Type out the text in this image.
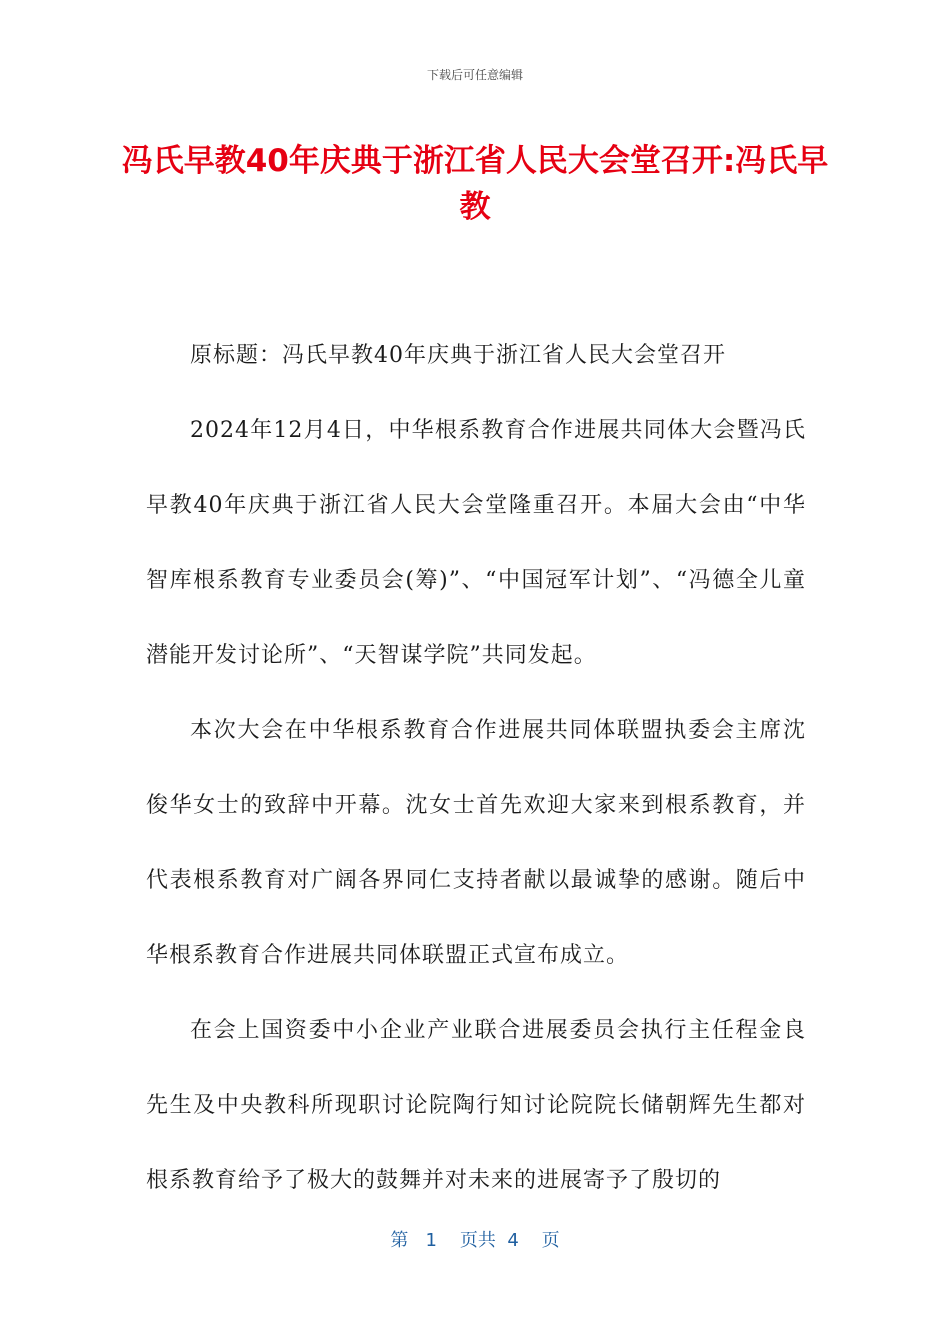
下载后可任意编辑
冯氏早教40年庆典于浙江省人民大会堂召开:冯氏早教

原标题：冯氏早教40年庆典于浙江省人民大会堂召开

2024年12月4日，中华根系教育合作进展共同体大会暨冯氏早教40年庆典于浙江省人民大会堂隆重召开。本届大会由“中华智库根系教育专业委员会(筹)”、“中国冠军计划”、“冯德全儿童潜能开发讨论所”、“天智谋学院”共同发起。

本次大会在中华根系教育合作进展共同体联盟执委会主席沈俊华女士的致辞中开幕。沈女士首先欢迎大家来到根系教育，并代表根系教育对广阔各界同仁支持者献以最诚挚的感谢。随后中华根系教育合作进展共同体联盟正式宣布成立。

在会上国资委中小企业产业联合进展委员会执行主任程金良先生及中央教科所现职讨论院陶行知讨论院院长储朝辉先生都对根系教育给予了极大的鼓舞并对未来的进展寄予了殷切的

第 1 页共 4 页
